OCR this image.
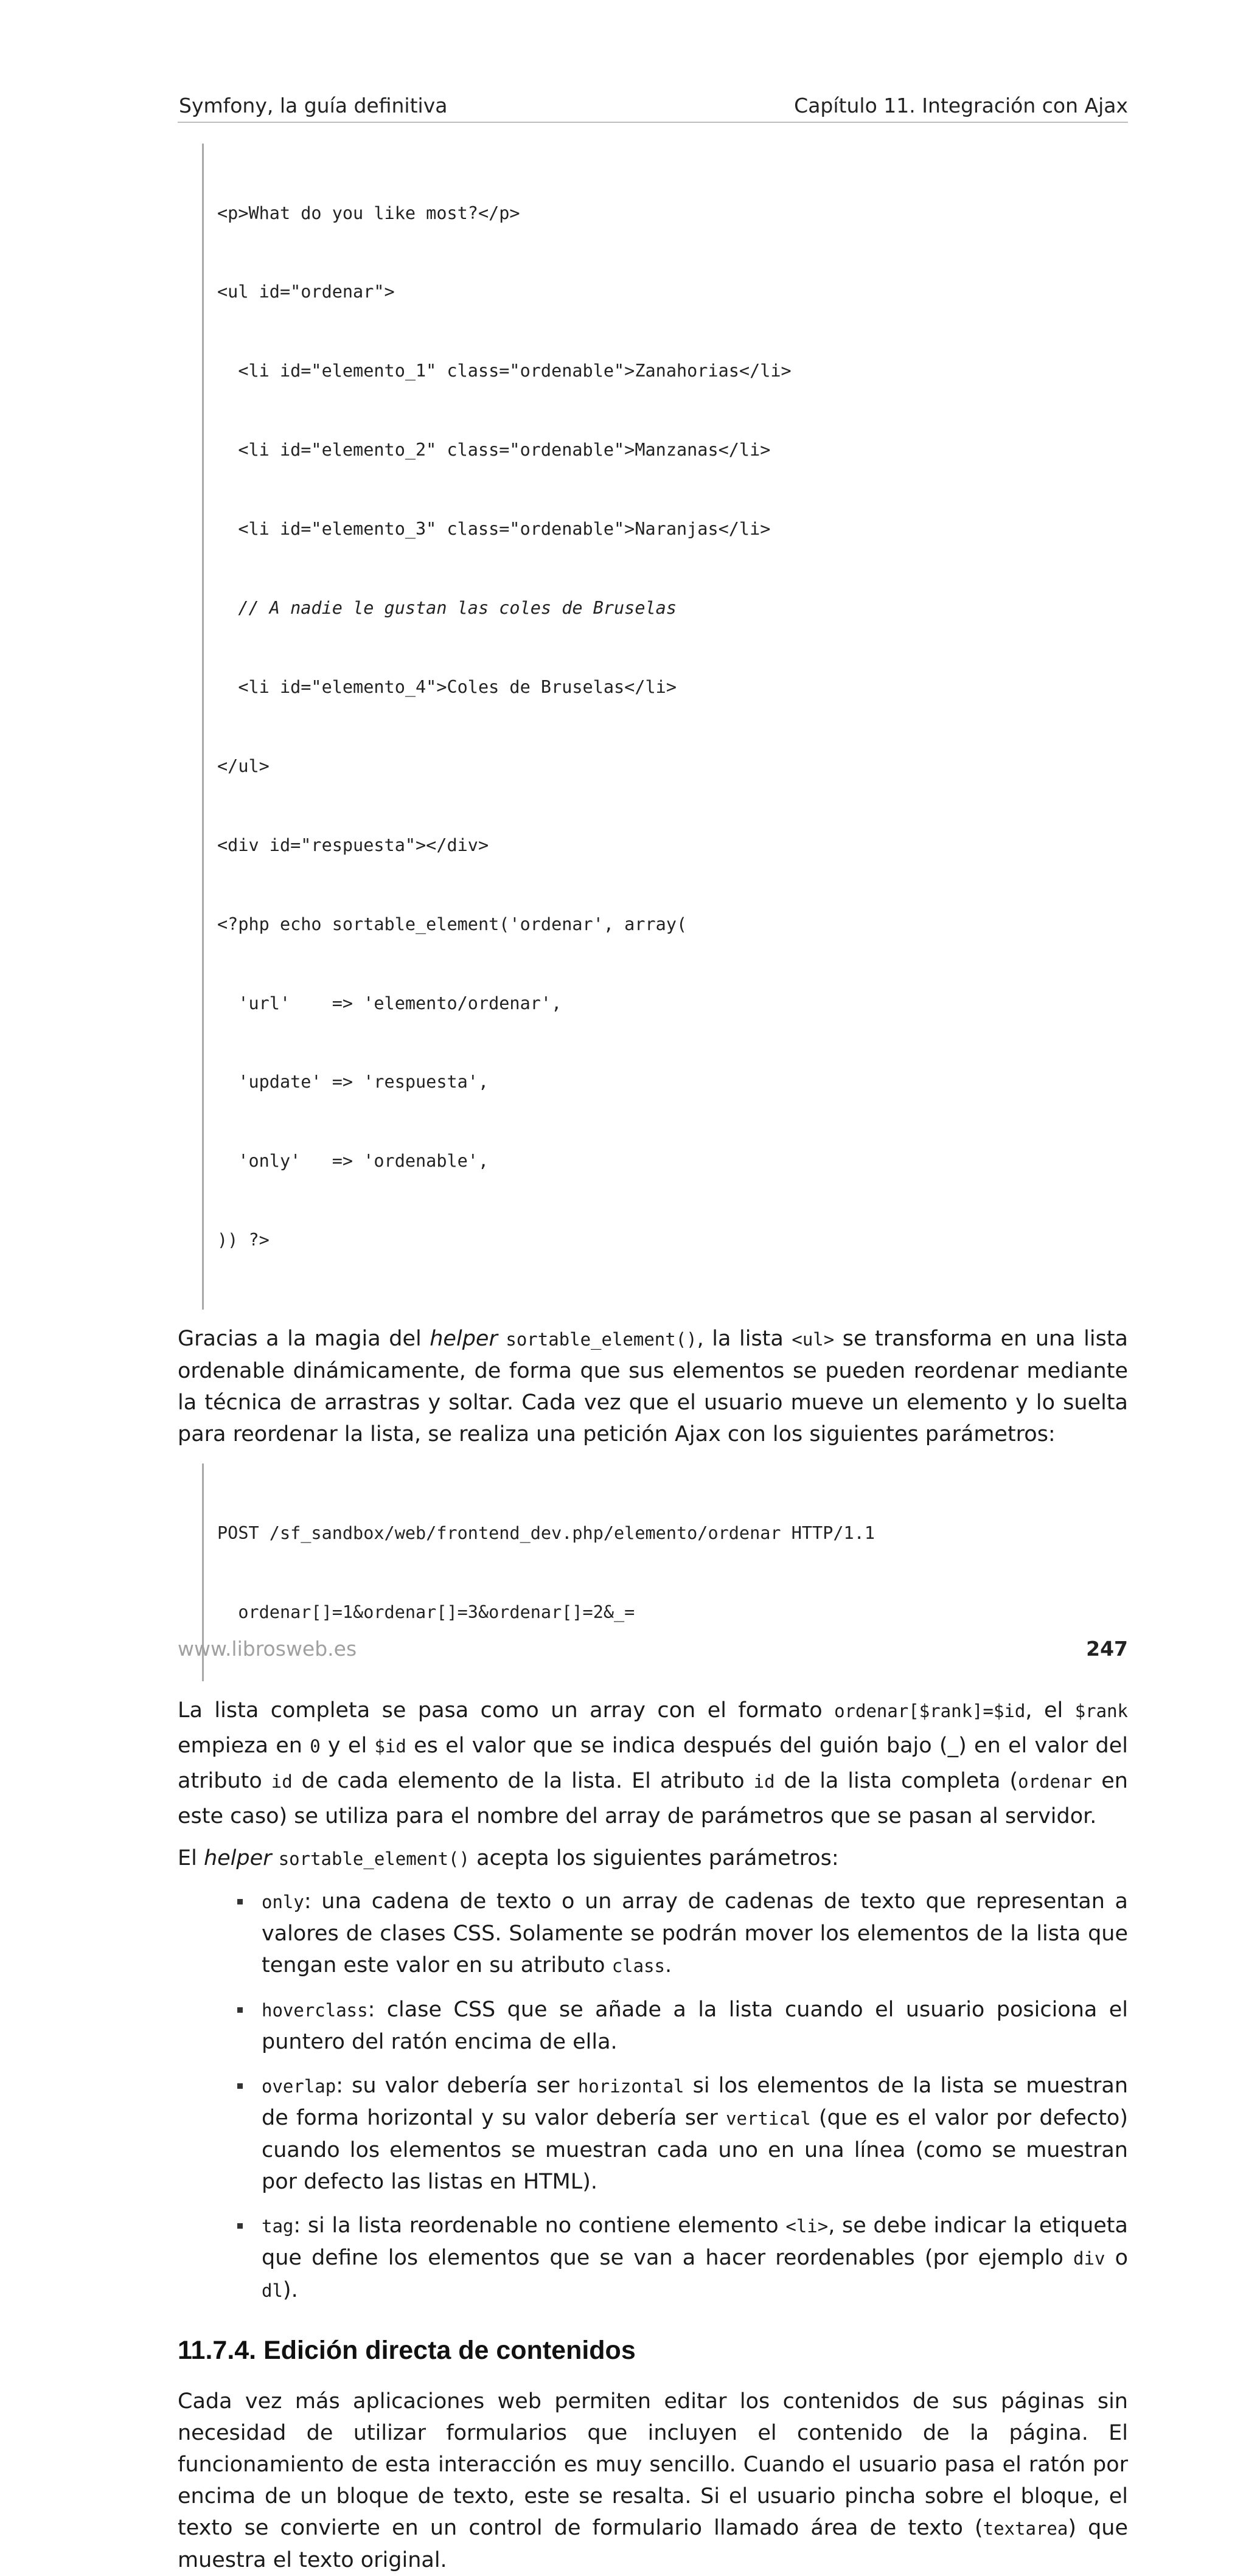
Symfony, la guía definitiva	Capítulo 11. Integración con Ajax

<p>What do you like most?</p>

<ul id="ordenar">

<li id="elemento_1" class="ordenable">Zanahorias</li>

<li id="elemento_2" class="ordenable">Manzanas</li>

<li id="elemento_3" class="ordenable">Naranjas</li>

// A nadie le gustan las coles de Bruselas

<li id="elemento_4">Coles de Bruselas</li>

</ul>

<div id="respuesta"></div>

<?php echo sortable_element('ordenar', array(

'url'    => 'elemento/ordenar',

'update' => 'respuesta',

'only'   => 'ordenable',

)) ?>

Gracias a la magia del helper sortable_element(), la lista <ul> se transforma en una lista ordenable dinámicamente, de forma que sus elementos se pueden reordenar mediante la técnica de arrastras y soltar. Cada vez que el usuario mueve un elemento y lo suelta para reordenar la lista, se realiza una petición Ajax con los siguientes parámetros:

POST /sf_sandbox/web/frontend_dev.php/elemento/ordenar HTTP/1.1

ordenar[]=1&ordenar[]=3&ordenar[]=2&_=

La lista completa se pasa como un array con el formato ordenar[$rank]=$id, el $rank empieza en 0 y el $id es el valor que se indica después del guión bajo (_) en el valor del atributo id de cada elemento de la lista. El atributo id de la lista completa (ordenar en este caso) se utiliza para el nombre del array de parámetros que se pasan al servidor.

El helper sortable_element() acepta los siguientes parámetros:

only: una cadena de texto o un array de cadenas de texto que representan a valores de clases CSS. Solamente se podrán mover los elementos de la lista que tengan este valor en su atributo class.
hoverclass: clase CSS que se añade a la lista cuando el usuario posiciona el puntero del ratón encima de ella.
overlap: su valor debería ser horizontal si los elementos de la lista se muestran de forma horizontal y su valor debería ser vertical (que es el valor por defecto) cuando los elementos se muestran cada uno en una línea (como se muestran por defecto las listas en HTML).
tag: si la lista reordenable no contiene elemento <li>, se debe indicar la etiqueta que define los elementos que se van a hacer reordenables (por ejemplo div o dl).
11.7.4. Edición directa de contenidos

Cada vez más aplicaciones web permiten editar los contenidos de sus páginas sin necesidad de utilizar formularios que incluyen el contenido de la página. El funcionamiento de esta interacción es muy sencillo. Cuando el usuario pasa el ratón por encima de un bloque de texto, este se resalta. Si el usuario pincha sobre el bloque, el texto se convierte en un control de formulario llamado área de texto (textarea) que muestra el texto original.

www.librosweb.es	247
